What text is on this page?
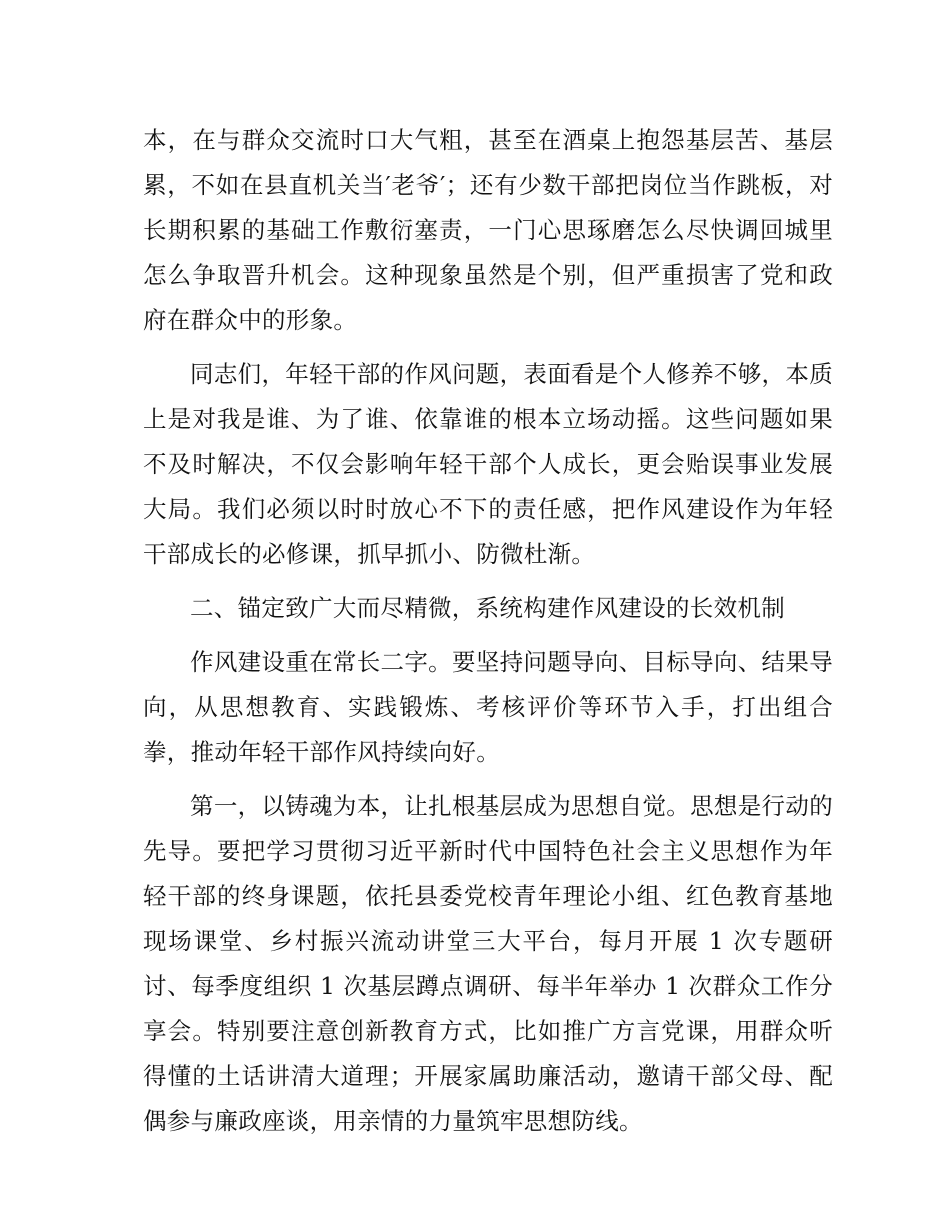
本，在与群众交流时口大气粗，甚至在酒桌上抱怨基层苦、基层累，不如在县直机关当′老爷′；还有少数干部把岗位当作跳板，对长期积累的基础工作敷衍塞责，一门心思琢磨怎么尽快调回城里怎么争取晋升机会。这种现象虽然是个别，但严重损害了党和政府在群众中的形象。

同志们，年轻干部的作风问题，表面看是个人修养不够，本质上是对我是谁、为了谁、依靠谁的根本立场动摇。这些问题如果不及时解决，不仅会影响年轻干部个人成长，更会贻误事业发展大局。我们必须以时时放心不下的责任感，把作风建设作为年轻干部成长的必修课，抓早抓小、防微杜渐。

二、锚定致广大而尽精微，系统构建作风建设的长效机制

作风建设重在常长二字。要坚持问题导向、目标导向、结果导向，从思想教育、实践锻炼、考核评价等环节入手，打出组合拳，推动年轻干部作风持续向好。

第一，以铸魂为本，让扎根基层成为思想自觉。思想是行动的先导。要把学习贯彻习近平新时代中国特色社会主义思想作为年轻干部的终身课题，依托县委党校青年理论小组、红色教育基地现场课堂、乡村振兴流动讲堂三大平台，每月开展 1 次专题研讨、每季度组织 1 次基层蹲点调研、每半年举办 1 次群众工作分享会。特别要注意创新教育方式，比如推广方言党课，用群众听得懂的土话讲清大道理；开展家属助廉活动，邀请干部父母、配偶参与廉政座谈，用亲情的力量筑牢思想防线。
